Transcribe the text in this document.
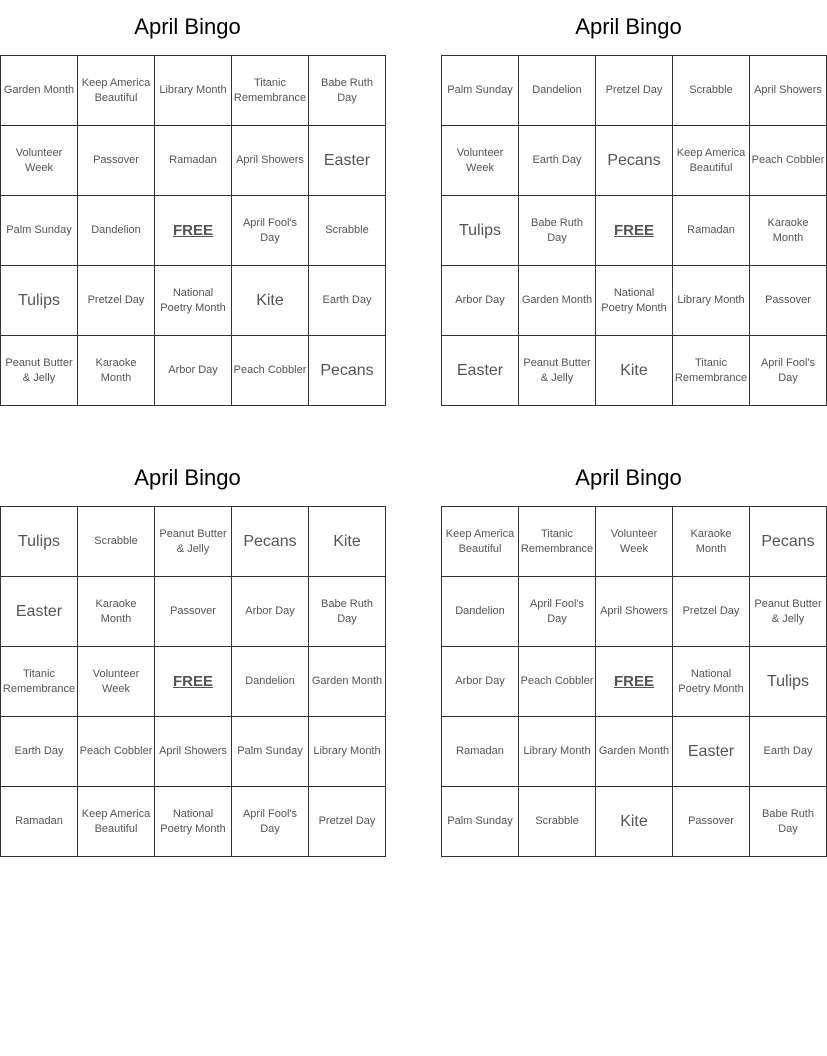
April Bingo
Garden Month	Keep America Beautiful	Library Month	Titanic Remembrance	Babe Ruth Day
Volunteer Week	Passover	Ramadan	April Showers	Easter
Palm Sunday	Dandelion	FREE	April Fool's Day	Scrabble
Tulips	Pretzel Day	National Poetry Month	Kite	Earth Day
Peanut Butter & Jelly	Karaoke Month	Arbor Day	Peach Cobbler	Pecans
April Bingo
Palm Sunday	Dandelion	Pretzel Day	Scrabble	April Showers
Volunteer Week	Earth Day	Pecans	Keep America Beautiful	Peach Cobbler
Tulips	Babe Ruth Day	FREE	Ramadan	Karaoke Month
Arbor Day	Garden Month	National Poetry Month	Library Month	Passover
Easter	Peanut Butter & Jelly	Kite	Titanic Remembrance	April Fool's Day
April Bingo
Tulips	Scrabble	Peanut Butter & Jelly	Pecans	Kite
Easter	Karaoke Month	Passover	Arbor Day	Babe Ruth Day
Titanic Remembrance	Volunteer Week	FREE	Dandelion	Garden Month
Earth Day	Peach Cobbler	April Showers	Palm Sunday	Library Month
Ramadan	Keep America Beautiful	National Poetry Month	April Fool's Day	Pretzel Day
April Bingo
Keep America Beautiful	Titanic Remembrance	Volunteer Week	Karaoke Month	Pecans
Dandelion	April Fool's Day	April Showers	Pretzel Day	Peanut Butter & Jelly
Arbor Day	Peach Cobbler	FREE	National Poetry Month	Tulips
Ramadan	Library Month	Garden Month	Easter	Earth Day
Palm Sunday	Scrabble	Kite	Passover	Babe Ruth Day
